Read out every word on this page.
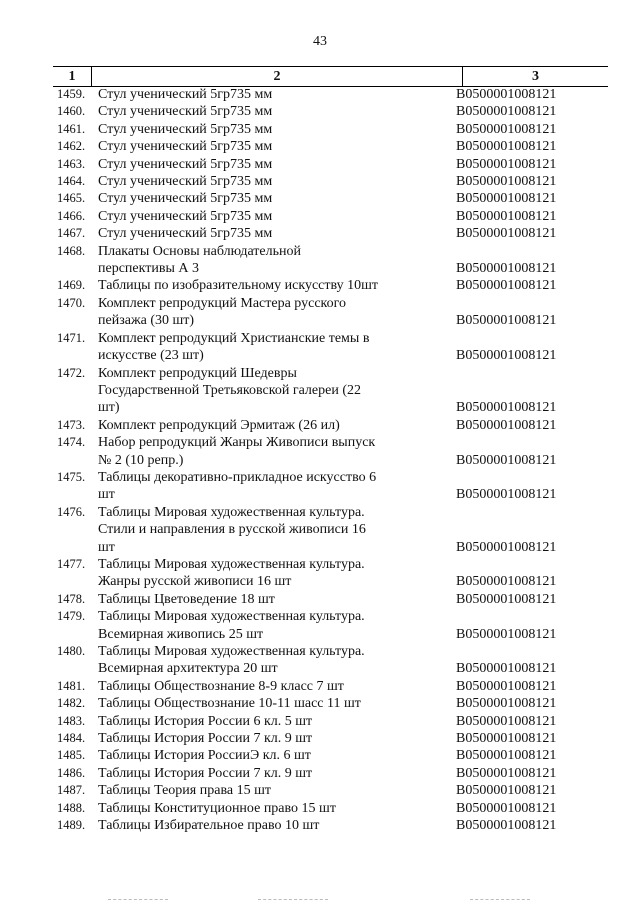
43
1	2	3
1459. Стул ученический 5гр735 мм	B0500001008121
1460. Стул ученический 5гр735 мм	B0500001008121
1461. Стул ученический 5гр735 мм	B0500001008121
1462. Стул ученический 5гр735 мм	B0500001008121
1463. Стул ученический 5гр735 мм	B0500001008121
1464. Стул ученический 5гр735 мм	B0500001008121
1465. Стул ученический 5гр735 мм	B0500001008121
1466. Стул ученический 5гр735 мм	B0500001008121
1467. Стул ученический 5гр735 мм	B0500001008121
1468. Плакаты Основы наблюдательной
перспективы А 3	B0500001008121
1469. Таблицы по изобразительному искусству 10шт	B0500001008121
1470. Комплект репродукций Мастера русского
пейзажа (30 шт)	B0500001008121
1471. Комплект репродукций Христианские темы в
искусстве (23 шт)	B0500001008121
1472. Комплект репродукций Шедевры
Государственной Третьяковской галереи (22
шт)	B0500001008121
1473. Комплект репродукций Эрмитаж (26 ил)	B0500001008121
1474. Набор репродукций Жанры Живописи выпуск
№ 2 (10 репр.)	B0500001008121
1475. Таблицы декоративно-прикладное искусство 6
шт	B0500001008121
1476. Таблицы Мировая художественная культура.
Стили и направления в русской живописи 16
шт	B0500001008121
1477. Таблицы Мировая художественная культура.
Жанры русской живописи 16 шт	B0500001008121
1478. Таблицы Цветоведение 18 шт	B0500001008121
1479. Таблицы Мировая художественная культура.
Всемирная живопись 25 шт	B0500001008121
1480. Таблицы Мировая художественная культура.
Всемирная архитектура 20 шт	B0500001008121
1481. Таблицы Обществознание 8-9 класс 7 шт	B0500001008121
1482. Таблицы Обществознание 10-11 шасс 11 шт	B0500001008121
1483. Таблицы История России 6 кл. 5 шт	B0500001008121
1484. Таблицы История России 7 кл. 9 шт	B0500001008121
1485. Таблицы История РоссииЭ кл. 6 шт	B0500001008121
1486. Таблицы История России 7 кл. 9 шт	B0500001008121
1487. Таблицы Теория права 15 шт	B0500001008121
1488. Таблицы Конституционное право 15 шт	B0500001008121
1489. Таблицы Избирательное право 10 шт	B0500001008121
